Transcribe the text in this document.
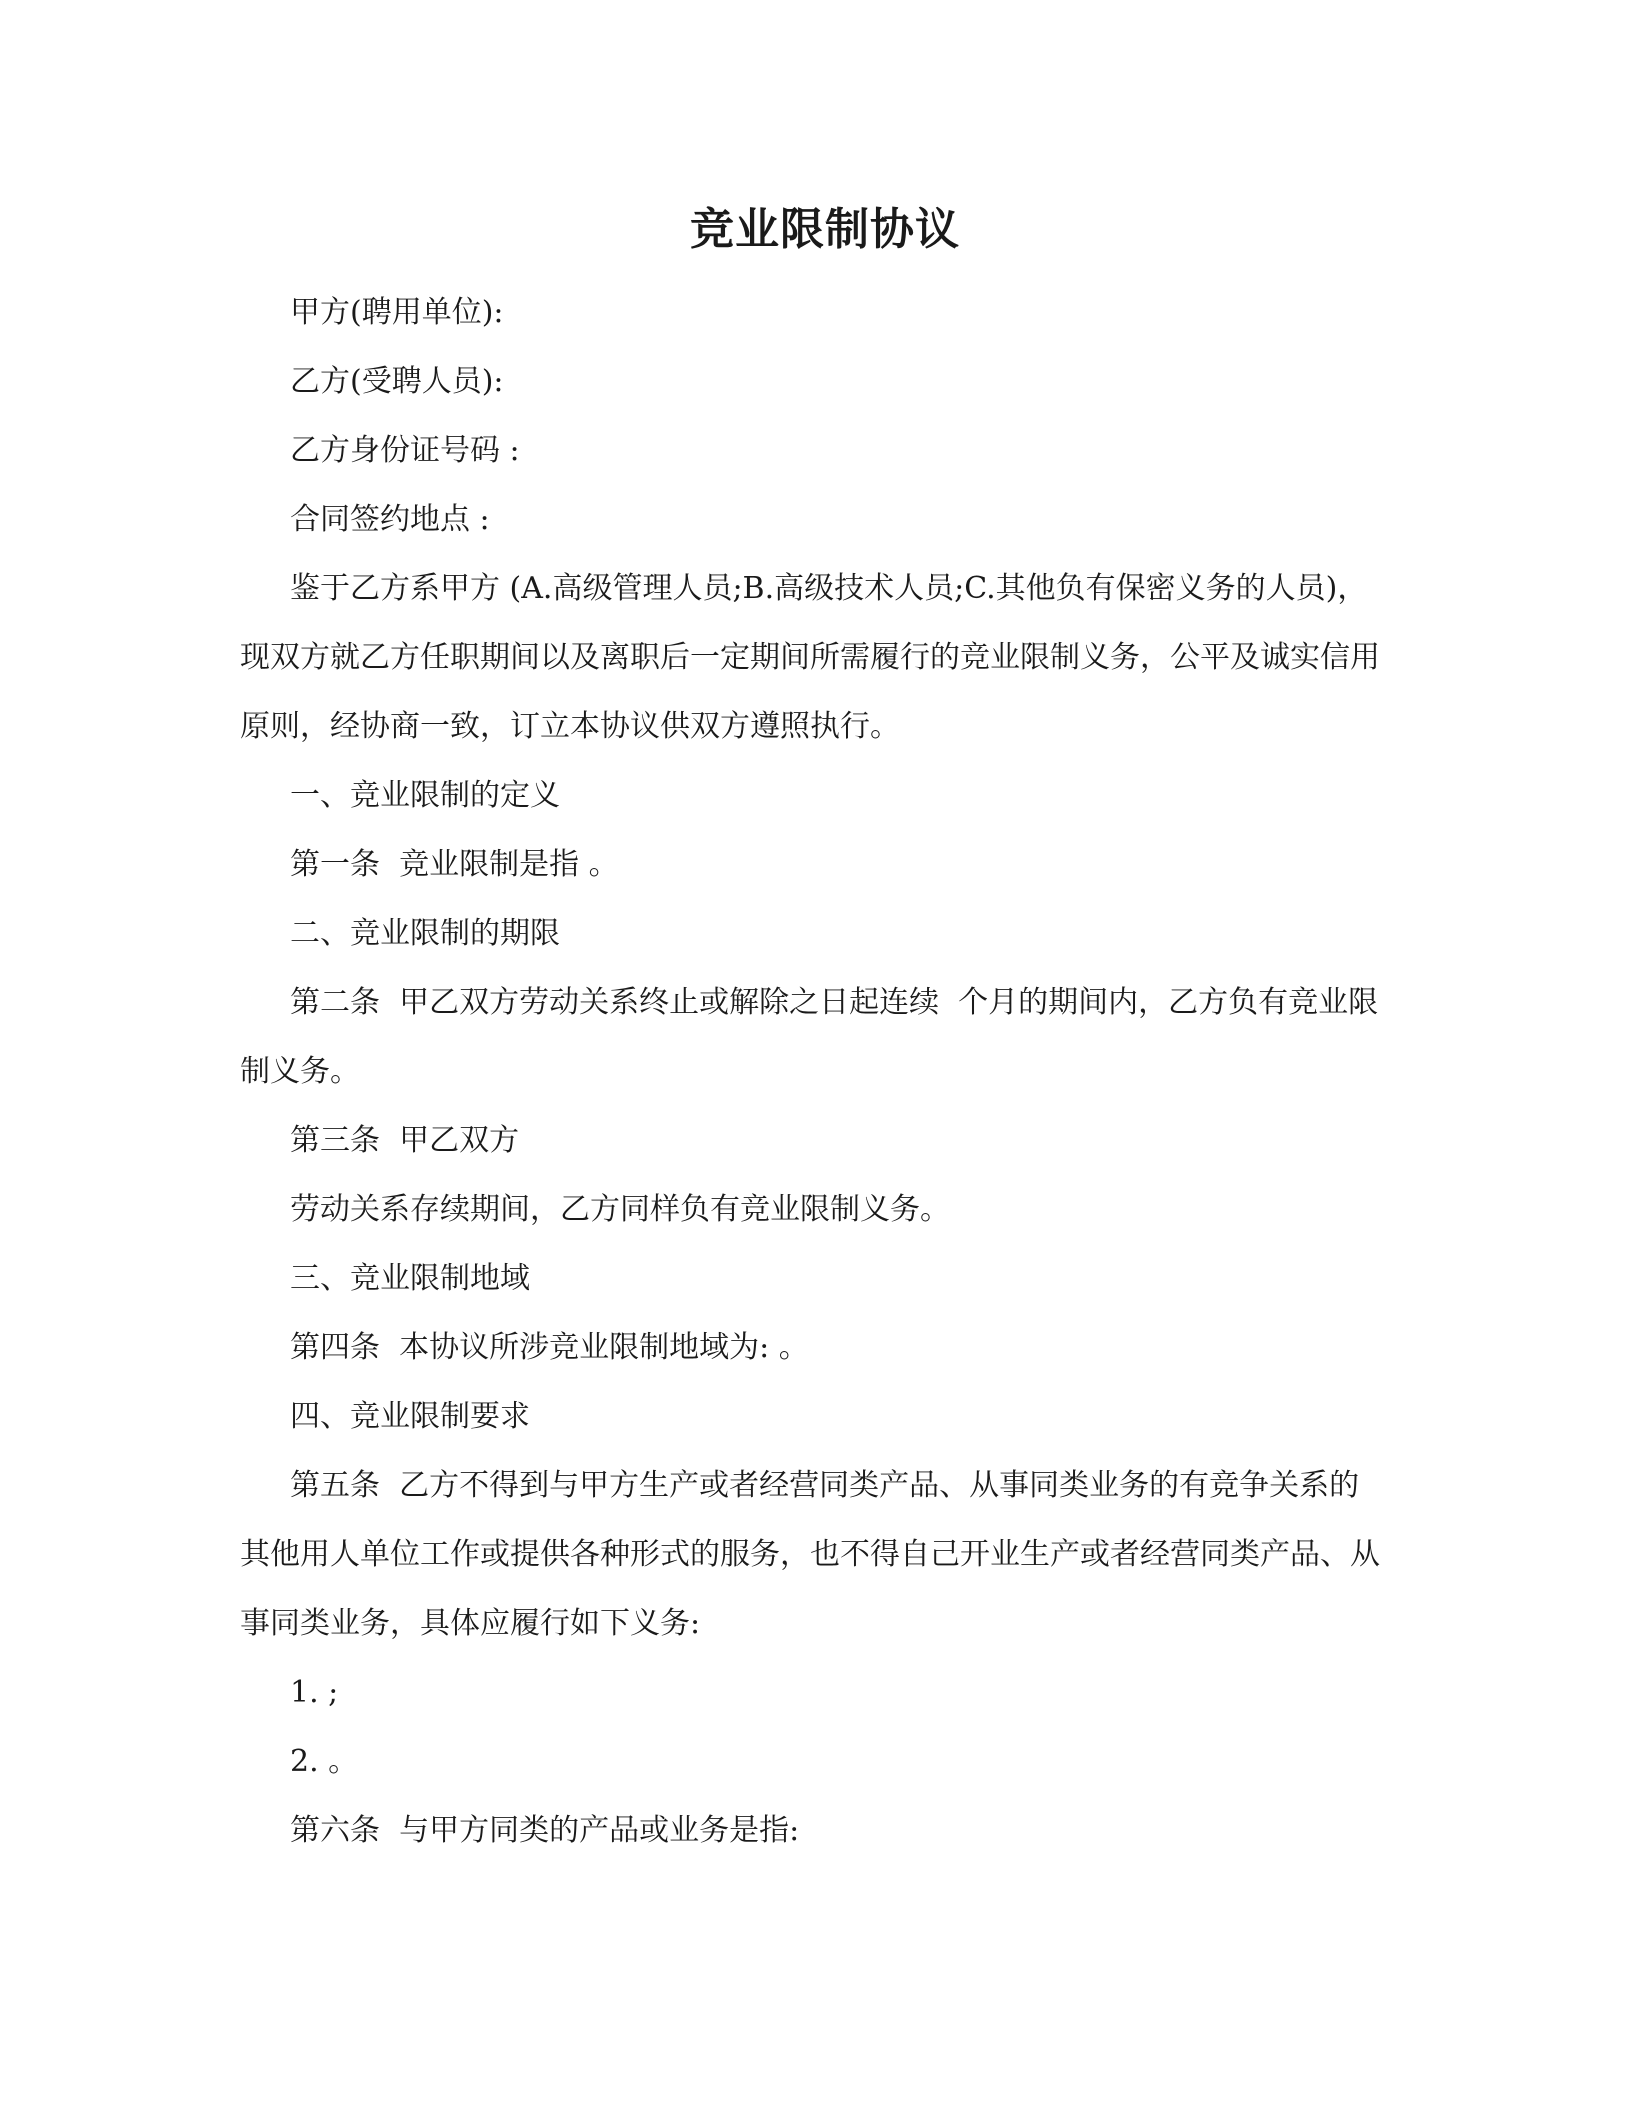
竞业限制协议

甲方(聘用单位):

乙方(受聘人员):

乙方身份证号码 :

合同签约地点 :

鉴于乙方系甲方 (A.高级管理人员;B.高级技术人员;C.其他负有保密义务的人员)，现双方就乙方任职期间以及离职后一定期间所需履行的竞业限制义务，公平及诚实信用原则，经协商一致，订立本协议供双方遵照执行。

一、竞业限制的定义

第一条  竞业限制是指 。

二、竞业限制的期限

第二条  甲乙双方劳动关系终止或解除之日起连续  个月的期间内，乙方负有竞业限制义务。

第三条  甲乙双方

劳动关系存续期间，乙方同样负有竞业限制义务。

三、竞业限制地域

第四条  本协议所涉竞业限制地域为: 。

四、竞业限制要求

第五条  乙方不得到与甲方生产或者经营同类产品、从事同类业务的有竞争关系的其他用人单位工作或提供各种形式的服务，也不得自己开业生产或者经营同类产品、从事同类业务，具体应履行如下义务:

1. ;

2. 。

第六条  与甲方同类的产品或业务是指:
